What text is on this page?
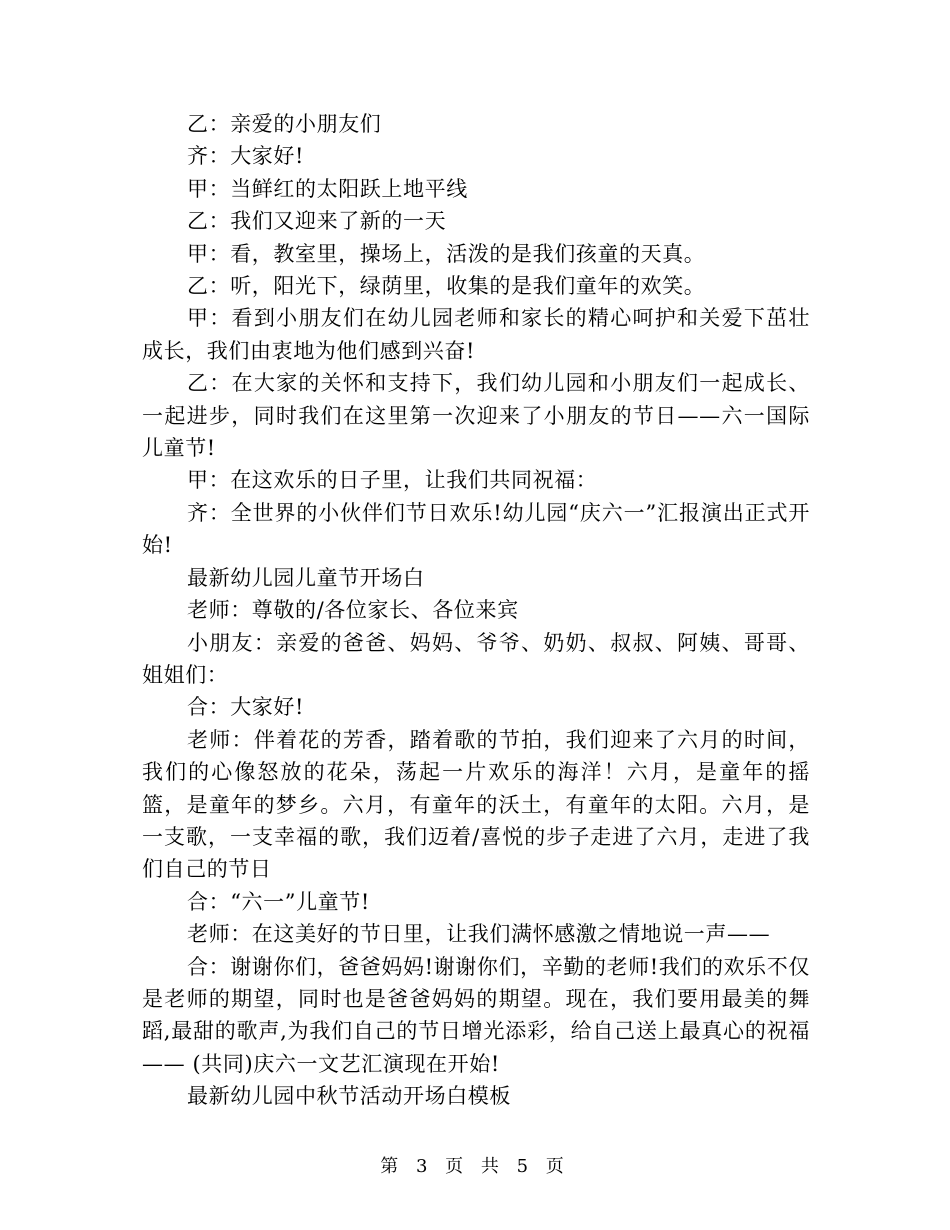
乙：亲爱的小朋友们

齐：大家好!

甲：当鲜红的太阳跃上地平线

乙：我们又迎来了新的一天

甲：看，教室里，操场上，活泼的是我们孩童的天真。

乙：听，阳光下，绿荫里，收集的是我们童年的欢笑。

甲：看到小朋友们在幼儿园老师和家长的精心呵护和关爱下茁壮成长，我们由衷地为他们感到兴奋!

乙：在大家的关怀和支持下，我们幼儿园和小朋友们一起成长、一起进步，同时我们在这里第一次迎来了小朋友的节日——六一国际儿童节!

甲：在这欢乐的日子里，让我们共同祝福：

齐：全世界的小伙伴们节日欢乐!幼儿园“庆六一”汇报演出正式开始!

最新幼儿园儿童节开场白

老师：尊敬的/各位家长、各位来宾

小朋友：亲爱的爸爸、妈妈、爷爷、奶奶、叔叔、阿姨、哥哥、姐姐们：

合：大家好!

老师：伴着花的芳香，踏着歌的节拍，我们迎来了六月的时间，我们的心像怒放的花朵，荡起一片欢乐的海洋！六月，是童年的摇篮，是童年的梦乡。六月，有童年的沃土，有童年的太阳。六月，是一支歌，一支幸福的歌，我们迈着/喜悦的步子走进了六月，走进了我们自己的节日

合：“六一”儿童节!

老师：在这美好的节日里，让我们满怀感激之情地说一声——

合：谢谢你们，爸爸妈妈!谢谢你们，辛勤的老师!我们的欢乐不仅是老师的期望，同时也是爸爸妈妈的期望。现在，我们要用最美的舞蹈,最甜的歌声,为我们自己的节日增光添彩，给自己送上最真心的祝福—— (共同)庆六一文艺汇演现在开始!

最新幼儿园中秋节活动开场白模板

第 3 页 共 5 页
